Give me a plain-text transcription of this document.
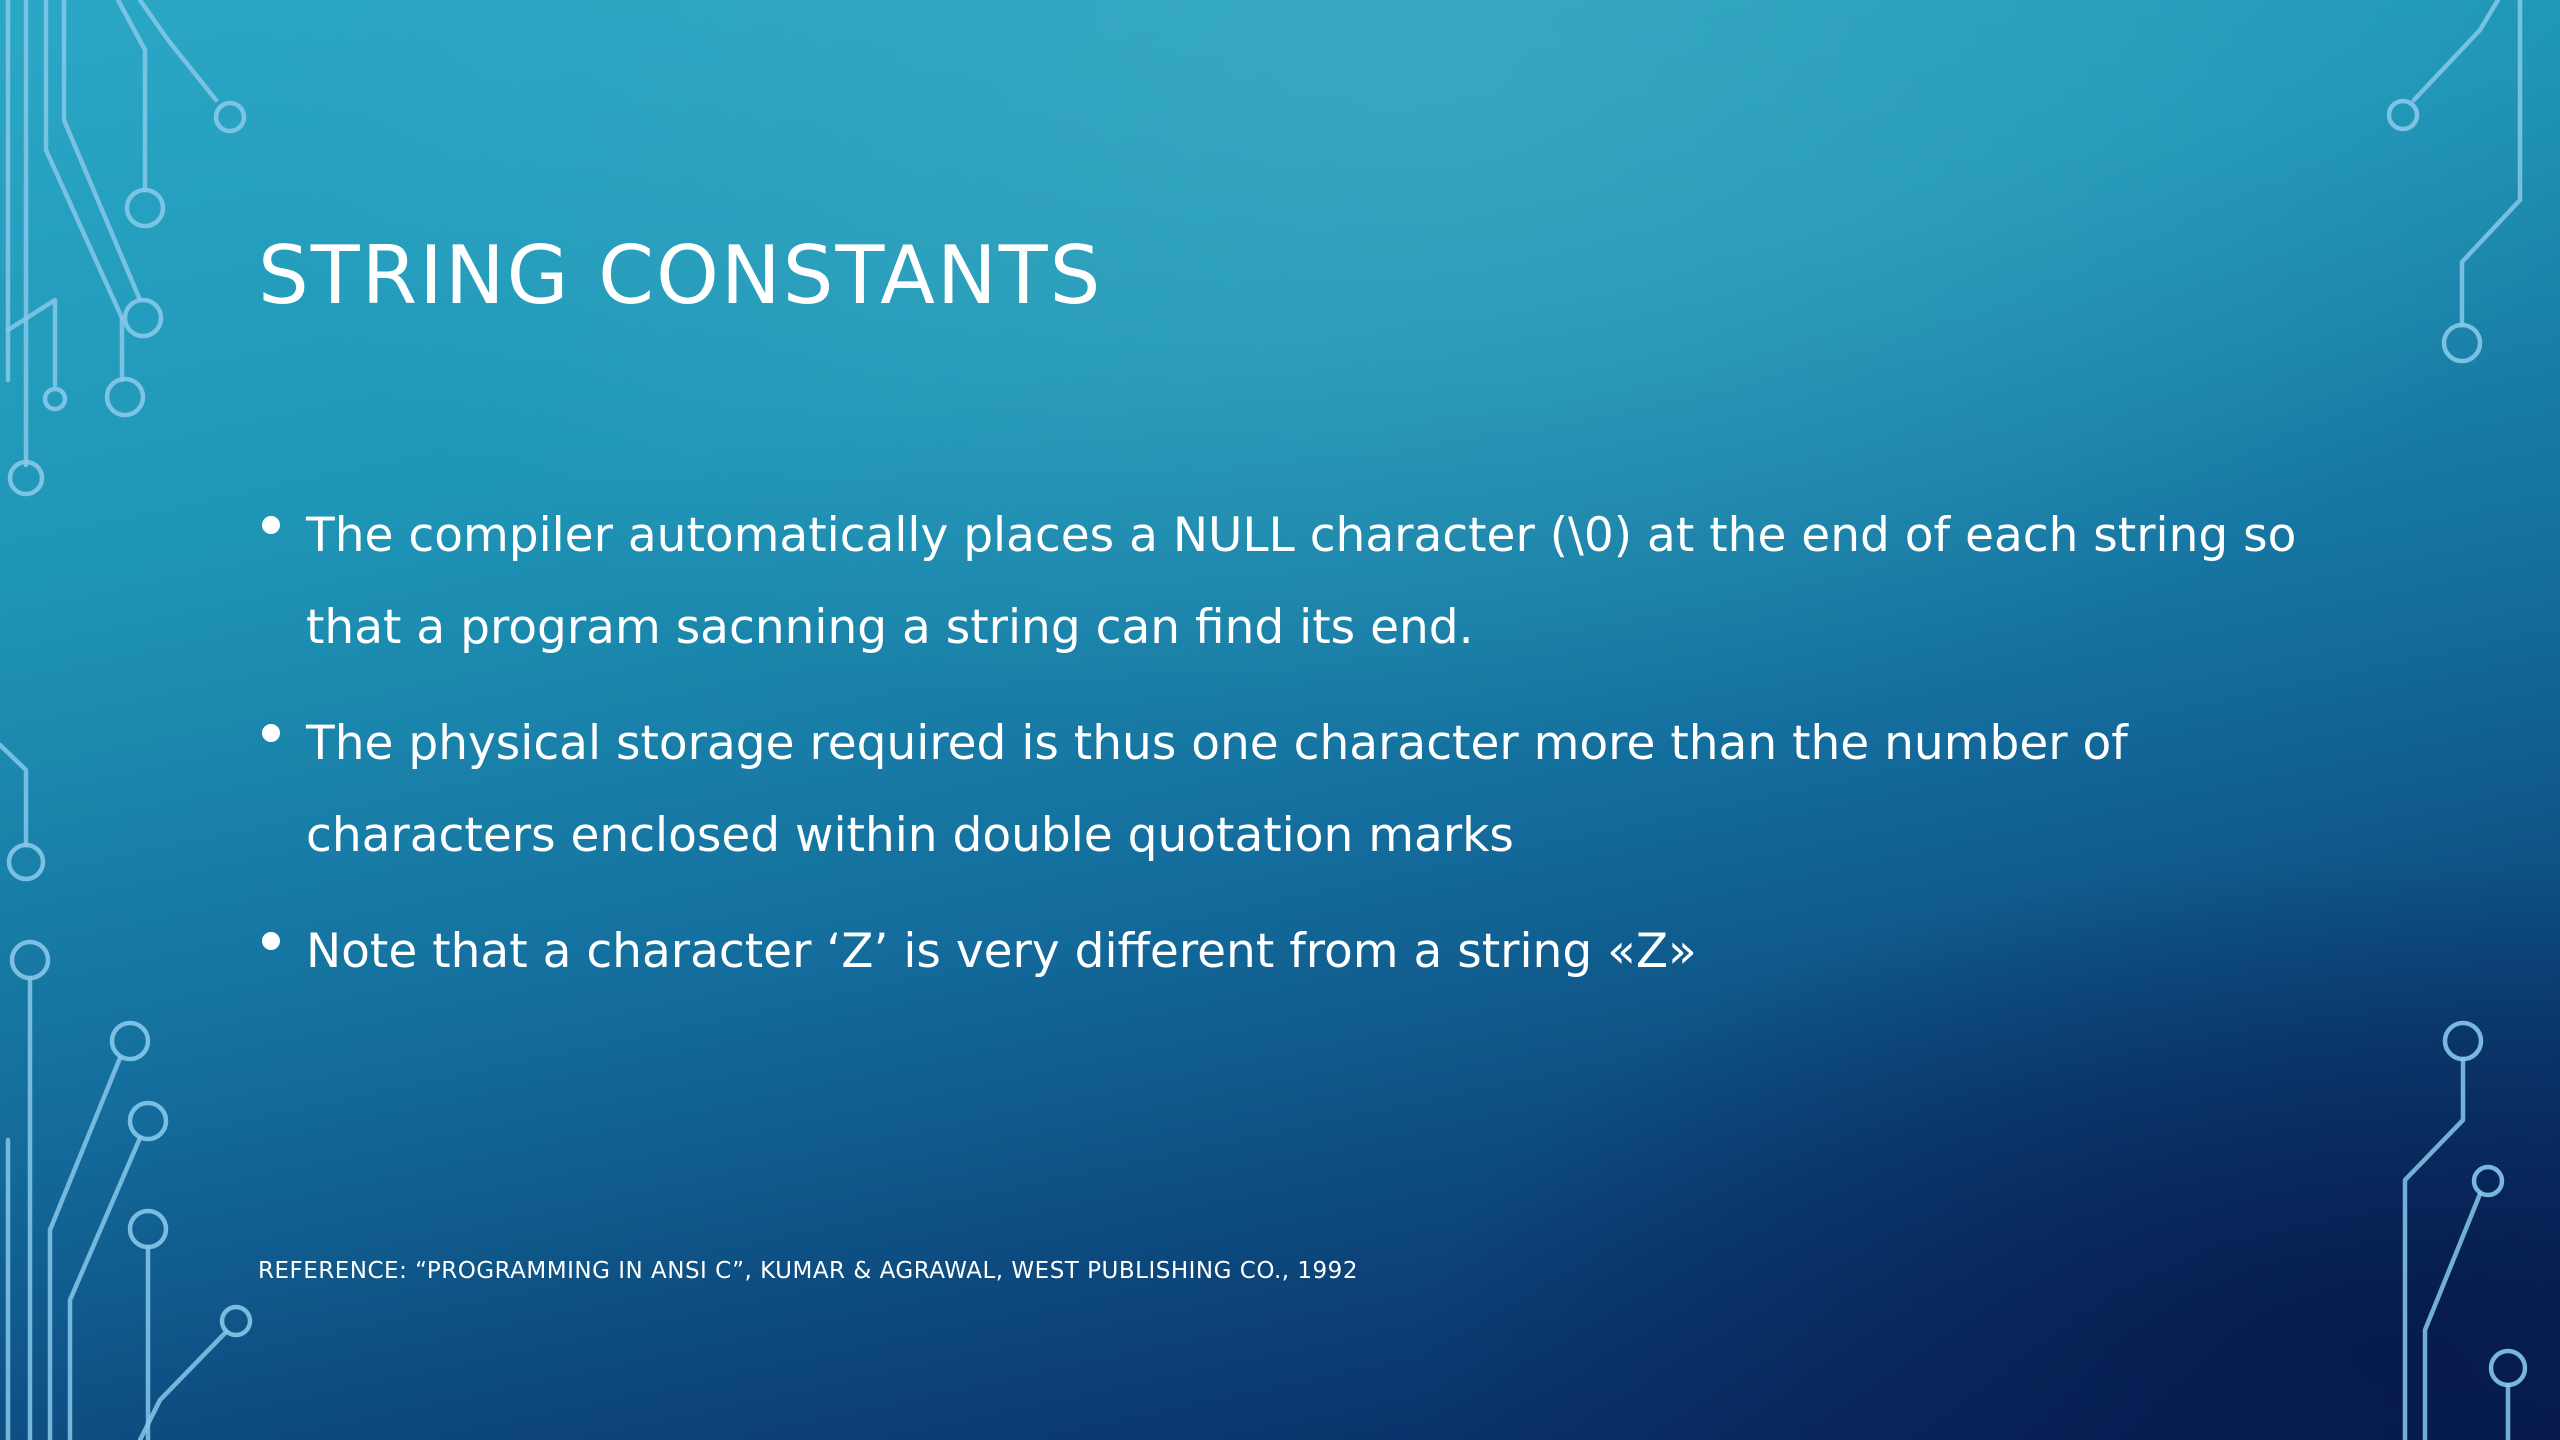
STRING CONSTANTS
The compiler automatically places a NULL character (\0) at the end of each string so that a program sacnning a string can find its end.
The physical storage required is thus one character more than the number of characters enclosed within double quotation marks
Note that a character ‘Z’ is very different from a string «Z»
REFERENCE: “PROGRAMMING IN ANSI C”, KUMAR & AGRAWAL, WEST PUBLISHING CO., 1992
